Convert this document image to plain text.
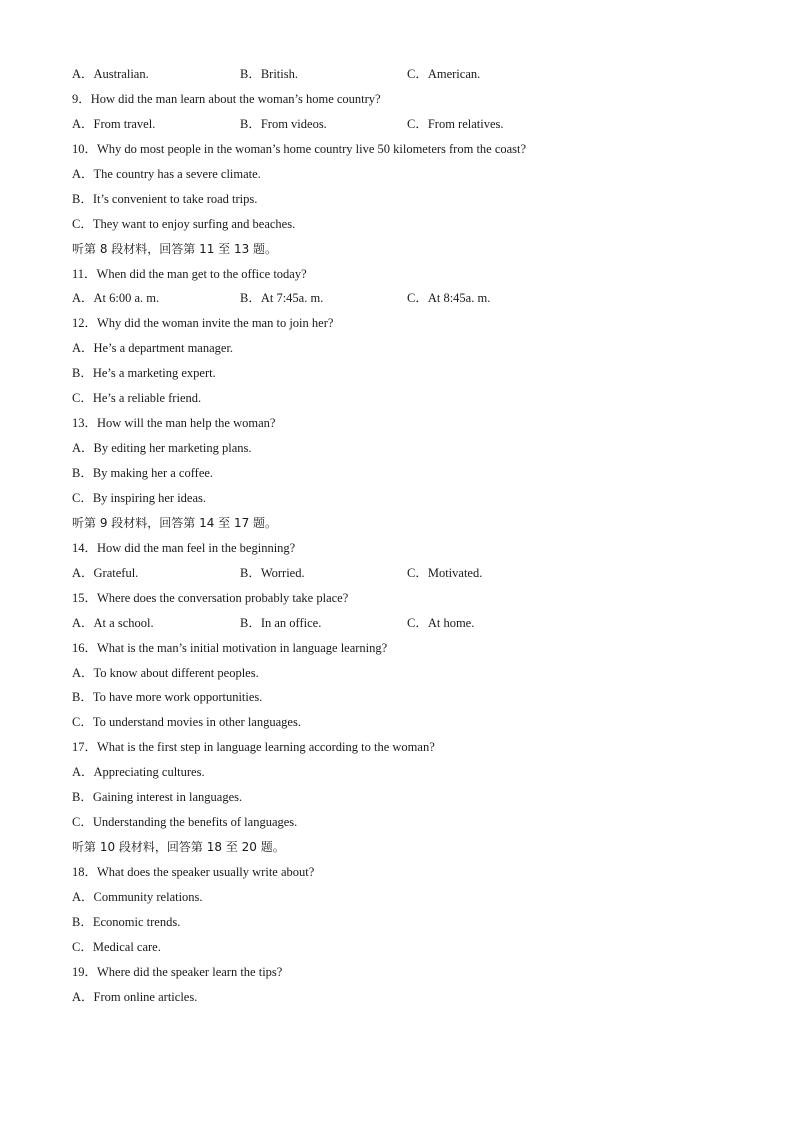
A．Australian.	B．British.	C．American.
9．How did the man learn about the woman’s home country?
A．From travel.	B．From videos.	C．From relatives.
10．Why do most people in the woman’s home country live 50 kilometers from the coast?
A．The country has a severe climate.
B．It’s convenient to take road trips.
C．They want to enjoy surfing and beaches.
听第 8 段材料，回答第 11 至 13 题。
11．When did the man get to the office today?
A．At 6:00 a. m.	B．At 7:45a. m.	C．At 8:45a. m.
12．Why did the woman invite the man to join her?
A．He’s a department manager.
B．He’s a marketing expert.
C．He’s a reliable friend.
13．How will the man help the woman?
A．By editing her marketing plans.
B．By making her a coffee.
C．By inspiring her ideas.
听第 9 段材料，回答第 14 至 17 题。
14．How did the man feel in the beginning?
A．Grateful.	B．Worried.	C．Motivated.
15．Where does the conversation probably take place?
A．At a school.	B．In an office.	C．At home.
16．What is the man’s initial motivation in language learning?
A．To know about different peoples.
B．To have more work opportunities.
C．To understand movies in other languages.
17．What is the first step in language learning according to the woman?
A．Appreciating cultures.
B．Gaining interest in languages.
C．Understanding the benefits of languages.
听第 10 段材料，回答第 18 至 20 题。
18．What does the speaker usually write about?
A．Community relations.
B．Economic trends.
C．Medical care.
19．Where did the speaker learn the tips?
A．From online articles.
